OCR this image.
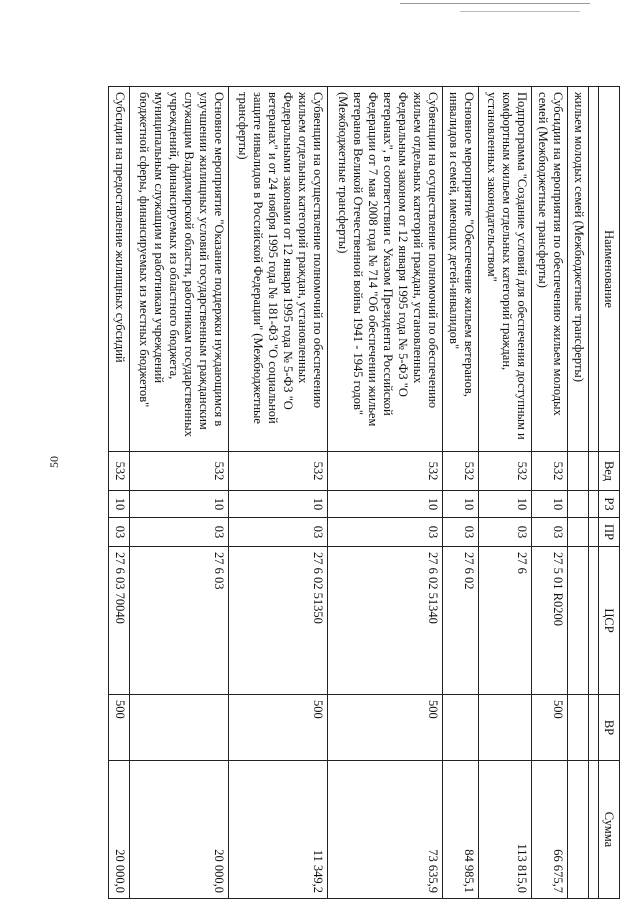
50
Наименование	Вед	РЗ	ПР	ЦСР	ВР	Сумма

жильем молодых семей (Межбюджетные трансферты)						
Субсидии на мероприятия по обеспечению жильем молодых семей (Межбюджетные трансферты)	532	10	03	27 5 01 R0200	500	66 675,7
Подпрограмма "Создание условий для обеспечения доступным и комфортным жильем отдельных категорий граждан, установленных законодательством"	532	10	03	27 6		113 815,0
Основное мероприятие "Обеспечение жильем ветеранов, инвалидов и семей, имеющих детей-инвалидов"	532	10	03	27 6 02		84 985,1
Субвенции на осуществление полномочий по обеспечению жильем отдельных категорий граждан, установленных Федеральным законом от 12 января 1995 года № 5-ФЗ "О ветеранах", в соответствии с Указом Президента Российской Федерации от 7 мая 2008 года № 714 "Об обеспечении жильем ветеранов Великой Отечественной войны 1941 - 1945 годов" (Межбюджетные трансферты)	532	10	03	27 6 02 51340	500	73 635,9
Субвенции на осуществление полномочий по обеспечению жильем отдельных категорий граждан, установленных Федеральными законами от 12 января 1995 года № 5-ФЗ "О ветеранах" и от 24 ноября 1995 года № 181-ФЗ "О социальной защите инвалидов в Российской Федерации" (Межбюджетные трансферты)	532	10	03	27 6 02 51350	500	11 349,2
Основное мероприятие "Оказание поддержки нуждающимся в улучшении жилищных условий государственным гражданским служащим Владимирской области, работникам государственных учреждений, финансируемых из областного бюджета, муниципальным служащим и работникам учреждений бюджетной сферы, финансируемых из местных бюджетов"	532	10	03	27 6 03		20 000,0
Субсидии на предоставление жилищных субсидий	532	10	03	27 6 03 70040	500	20 000,0
